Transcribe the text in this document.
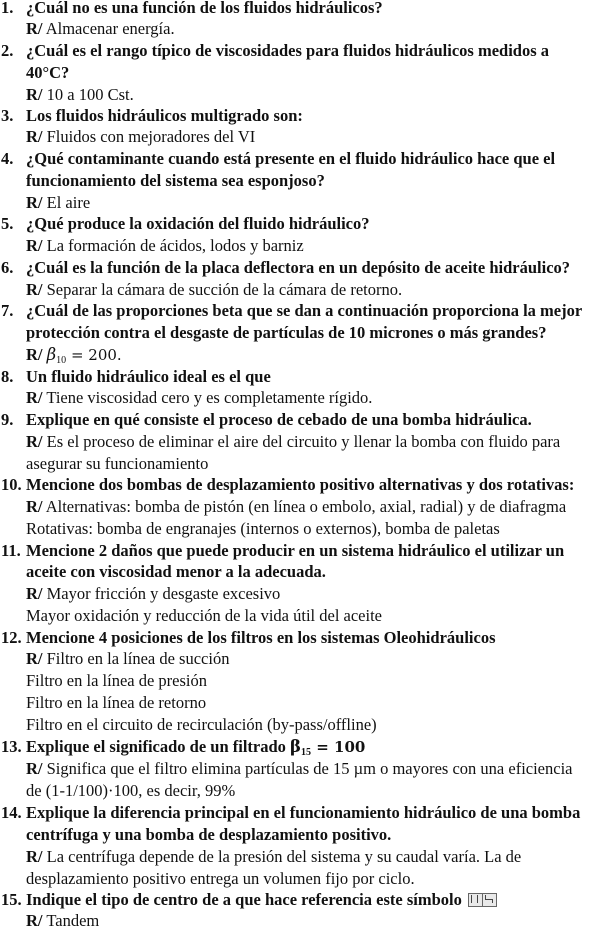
1. ¿Cuál no es una función de los fluidos hidráulicos?
R/ Almacenar energía.
2. ¿Cuál es el rango típico de viscosidades para fluidos hidráulicos medidos a
40°C?
R/ 10 a 100 Cst.
3. Los fluidos hidráulicos multigrado son:
R/ Fluidos con mejoradores del VI
4. ¿Qué contaminante cuando está presente en el fluido hidráulico hace que el
funcionamiento del sistema sea esponjoso?
R/ El aire
5. ¿Qué produce la oxidación del fluido hidráulico?
R/ La formación de ácidos, lodos y barniz
6. ¿Cuál es la función de la placa deflectora en un depósito de aceite hidráulico?
R/ Separar la cámara de succión de la cámara de retorno.
7. ¿Cuál de las proporciones beta que se dan a continuación proporciona la mejor
protección contra el desgaste de partículas de 10 micrones o más grandes?
R/ $\beta_{10} = 200$.
8. Un fluido hidráulico ideal es el que
R/ Tiene viscosidad cero y es completamente rígido.
9. Explique en qué consiste el proceso de cebado de una bomba hidráulica.
R/ Es el proceso de eliminar el aire del circuito y llenar la bomba con fluido para
asegurar su funcionamiento
10. Mencione dos bombas de desplazamiento positivo alternativas y dos rotativas:
R/ Alternativas: bomba de pistón (en línea o embolo, axial, radial) y de diafragma
Rotativas: bomba de engranajes (internos o externos), bomba de paletas
11. Mencione 2 daños que puede producir en un sistema hidráulico el utilizar un
aceite con viscosidad menor a la adecuada.
R/ Mayor fricción y desgaste excesivo
Mayor oxidación y reducción de la vida útil del aceite
12. Mencione 4 posiciones de los filtros en los sistemas Oleohidráulicos
R/ Filtro en la línea de succión
Filtro en la línea de presión
Filtro en la línea de retorno
Filtro en el circuito de recirculación (by-pass/offline)
13. Explique el significado de un filtrado $\beta_{15} = 100$
R/ Significa que el filtro elimina partículas de 15 µm o mayores con una eficiencia
de (1-1/100)·100, es decir, 99%
14. Explique la diferencia principal en el funcionamiento hidráulico de una bomba
centrífuga y una bomba de desplazamiento positivo.
R/ La centrífuga depende de la presión del sistema y su caudal varía. La de
desplazamiento positivo entrega un volumen fijo por ciclo.
15. Indique el tipo de centro de a que hace referencia este símbolo
R/ Tandem
